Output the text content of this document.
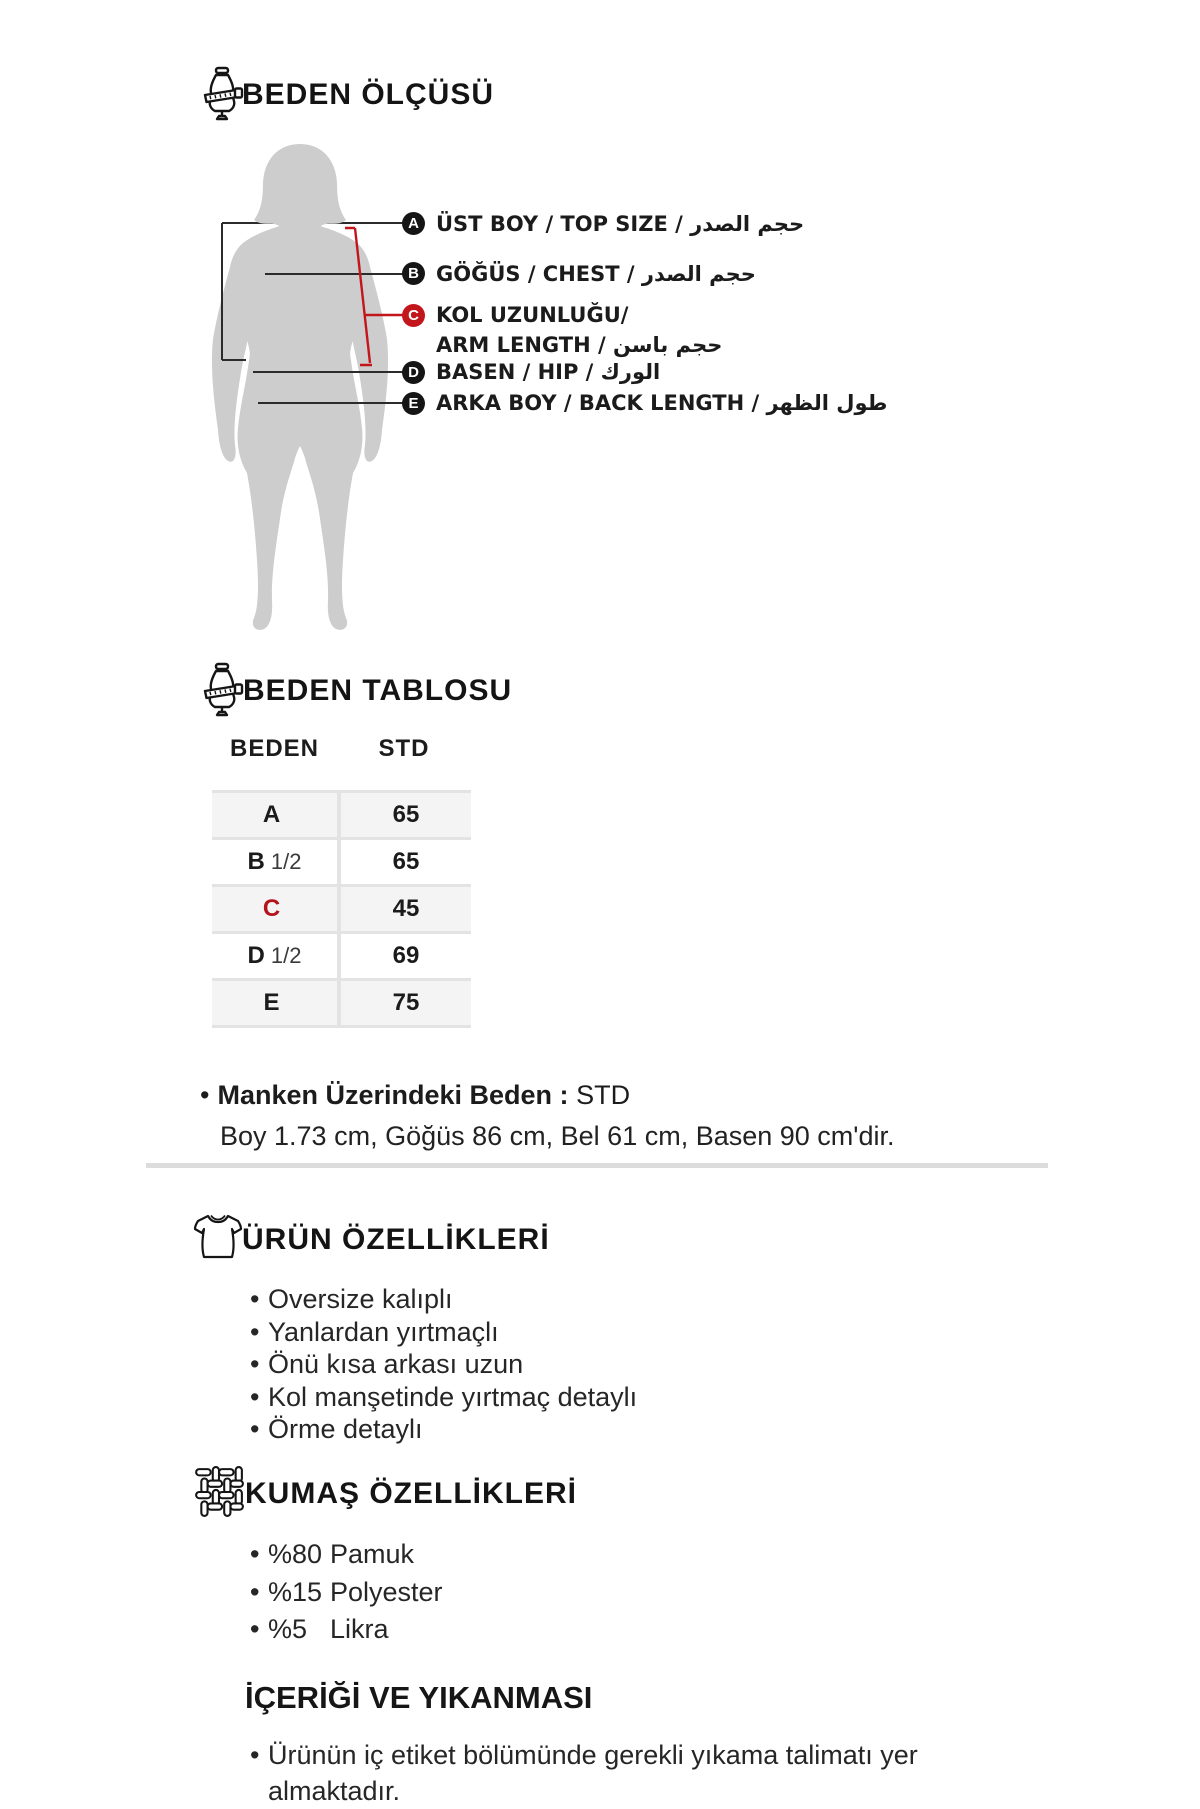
BEDEN ÖLÇÜSÜ
A
B
C
D
E
ÜST BOY / TOP SIZE / حجم الصدر
GÖĞÜS / CHEST / حجم الصدر
KOL UZUNLUĞU/
ARM LENGTH / حجم باسن
BASEN / HIP / الورك
ARKA BOY / BACK LENGTH / طول الظهر
BEDEN TABLOSU
BEDEN	STD
A	65
B 1/2	65
C	45
D 1/2	69
E	75
• Manken Üzerindeki Beden : STD
Boy 1.73 cm, Göğüs 86 cm, Bel 61 cm, Basen 90 cm'dir.
ÜRÜN ÖZELLİKLERİ
• Oversize kalıplı
• Yanlardan yırtmaçlı
• Önü kısa arkası uzun
• Kol manşetinde yırtmaç detaylı
• Örme detaylı
KUMAŞ ÖZELLİKLERİ
• • %80 Pamuk
• • %15 Polyester
• • %5 Likra
İÇERİĞİ VE YIKANMASI
• Ürünün iç etiket bölümünde gerekli yıkama talimatı yer almaktadır.
